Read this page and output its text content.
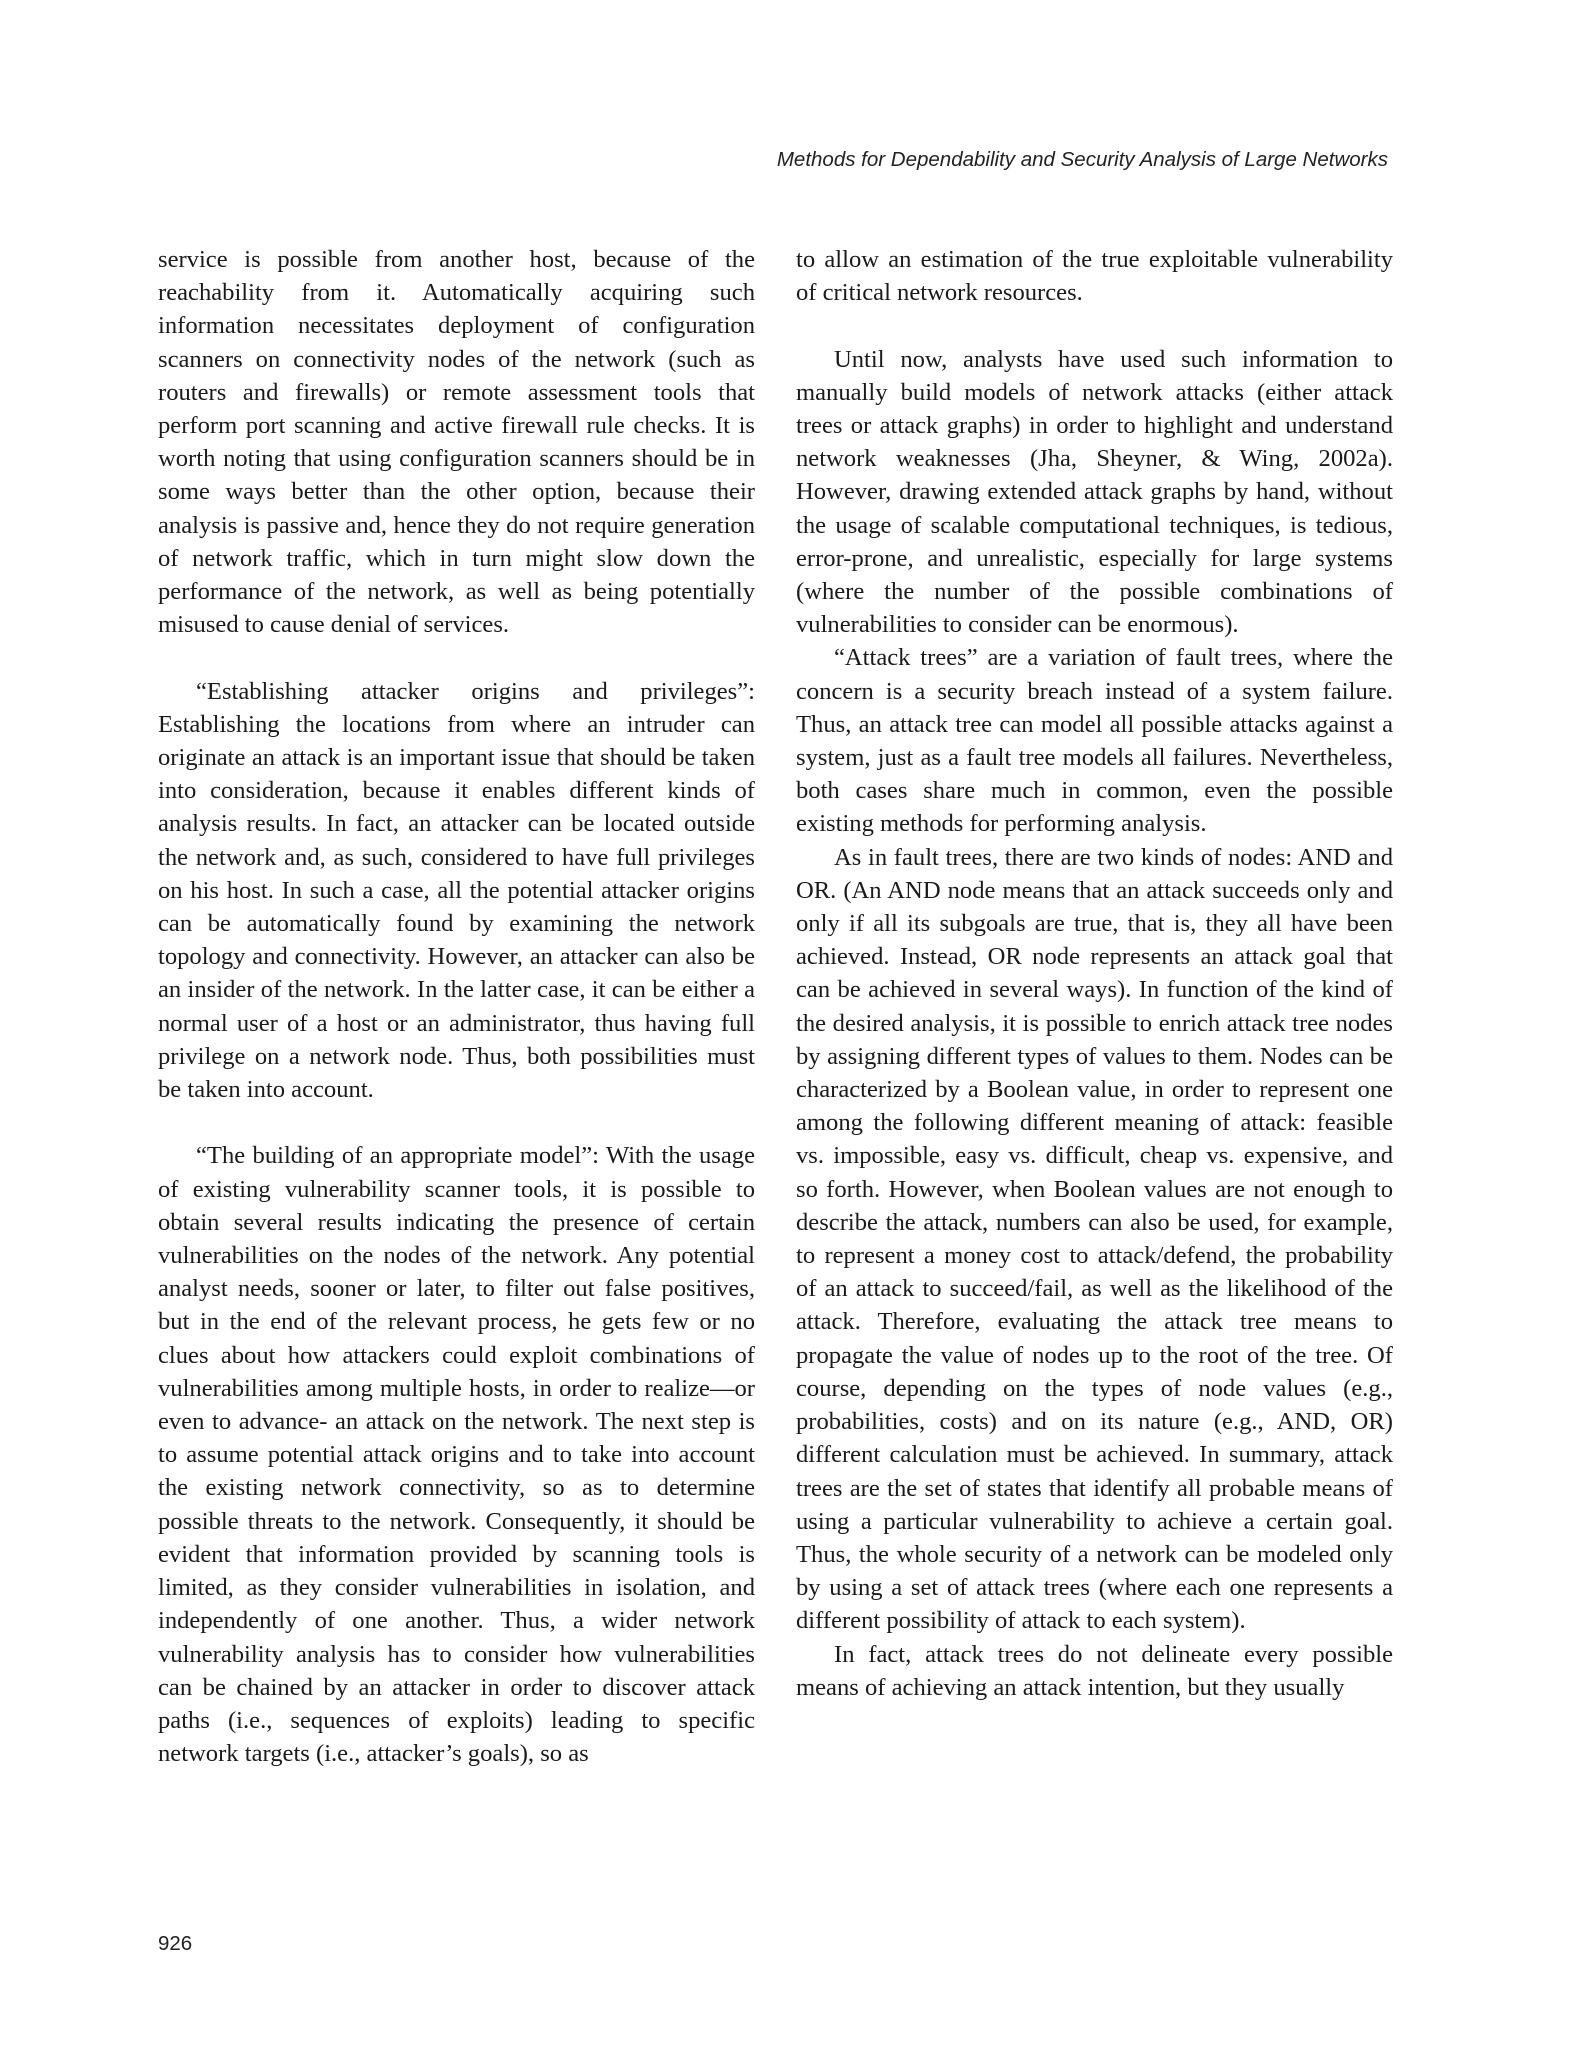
Methods for Dependability and Security Analysis of Large Networks

service is possible from another host, because of the reachability from it. Automatically acquiring such information necessitates deployment of configuration scanners on connectivity nodes of the network (such as routers and firewalls) or remote assessment tools that perform port scanning and active firewall rule checks. It is worth noting that using configuration scanners should be in some ways better than the other option, because their analysis is passive and, hence they do not require generation of network traffic, which in turn might slow down the performance of the network, as well as being potentially misused to cause denial of services.

“Establishing attacker origins and privileges”: Establishing the locations from where an intruder can originate an attack is an important issue that should be taken into consideration, because it enables different kinds of analysis results. In fact, an attacker can be located outside the network and, as such, considered to have full privileges on his host. In such a case, all the potential attacker origins can be automatically found by examining the network topology and connectivity. However, an attacker can also be an insider of the network. In the latter case, it can be either a normal user of a host or an administrator, thus having full privilege on a network node. Thus, both possibilities must be taken into account.

“The building of an appropriate model”: With the usage of existing vulnerability scanner tools, it is possible to obtain several results indicating the presence of certain vulnerabilities on the nodes of the network. Any potential analyst needs, sooner or later, to filter out false positives, but in the end of the relevant process, he gets few or no clues about how attackers could exploit combinations of vulnerabilities among multiple hosts, in order to realize—or even to advance- an attack on the network. The next step is to assume potential attack origins and to take into account the existing network connectivity, so as to determine possible threats to the network. Consequently, it should be evident that information provided by scanning tools is limited, as they consider vulnerabilities in isolation, and independently of one another. Thus, a wider network vulnerability analysis has to consider how vulnerabilities can be chained by an attacker in order to discover attack paths (i.e., sequences of exploits) leading to specific network targets (i.e., attacker’s goals), so as

to allow an estimation of the true exploitable vulnerability of critical network resources.

Until now, analysts have used such information to manually build models of network attacks (either attack trees or attack graphs) in order to highlight and understand network weaknesses (Jha, Sheyner, & Wing, 2002a). However, drawing extended attack graphs by hand, without the usage of scalable computational techniques, is tedious, error-prone, and unrealistic, especially for large systems (where the number of the possible combinations of vulnerabilities to consider can be enormous).

“Attack trees” are a variation of fault trees, where the concern is a security breach instead of a system failure. Thus, an attack tree can model all possible attacks against a system, just as a fault tree models all failures. Nevertheless, both cases share much in common, even the possible existing methods for performing analysis.

As in fault trees, there are two kinds of nodes: AND and OR. (An AND node means that an attack succeeds only and only if all its subgoals are true, that is, they all have been achieved. Instead, OR node represents an attack goal that can be achieved in several ways). In function of the kind of the desired analysis, it is possible to enrich attack tree nodes by assigning different types of values to them. Nodes can be characterized by a Boolean value, in order to represent one among the following different meaning of attack: feasible vs. impossible, easy vs. difficult, cheap vs. expensive, and so forth. However, when Boolean values are not enough to describe the attack, numbers can also be used, for example, to represent a money cost to attack/defend, the probability of an attack to succeed/fail, as well as the likelihood of the attack. Therefore, evaluating the attack tree means to propagate the value of nodes up to the root of the tree. Of course, depending on the types of node values (e.g., probabilities, costs) and on its nature (e.g., AND, OR) different calculation must be achieved. In summary, attack trees are the set of states that identify all probable means of using a particular vulnerability to achieve a certain goal. Thus, the whole security of a network can be modeled only by using a set of attack trees (where each one represents a different possibility of attack to each system).

In fact, attack trees do not delineate every possible means of achieving an attack intention, but they usually

926
